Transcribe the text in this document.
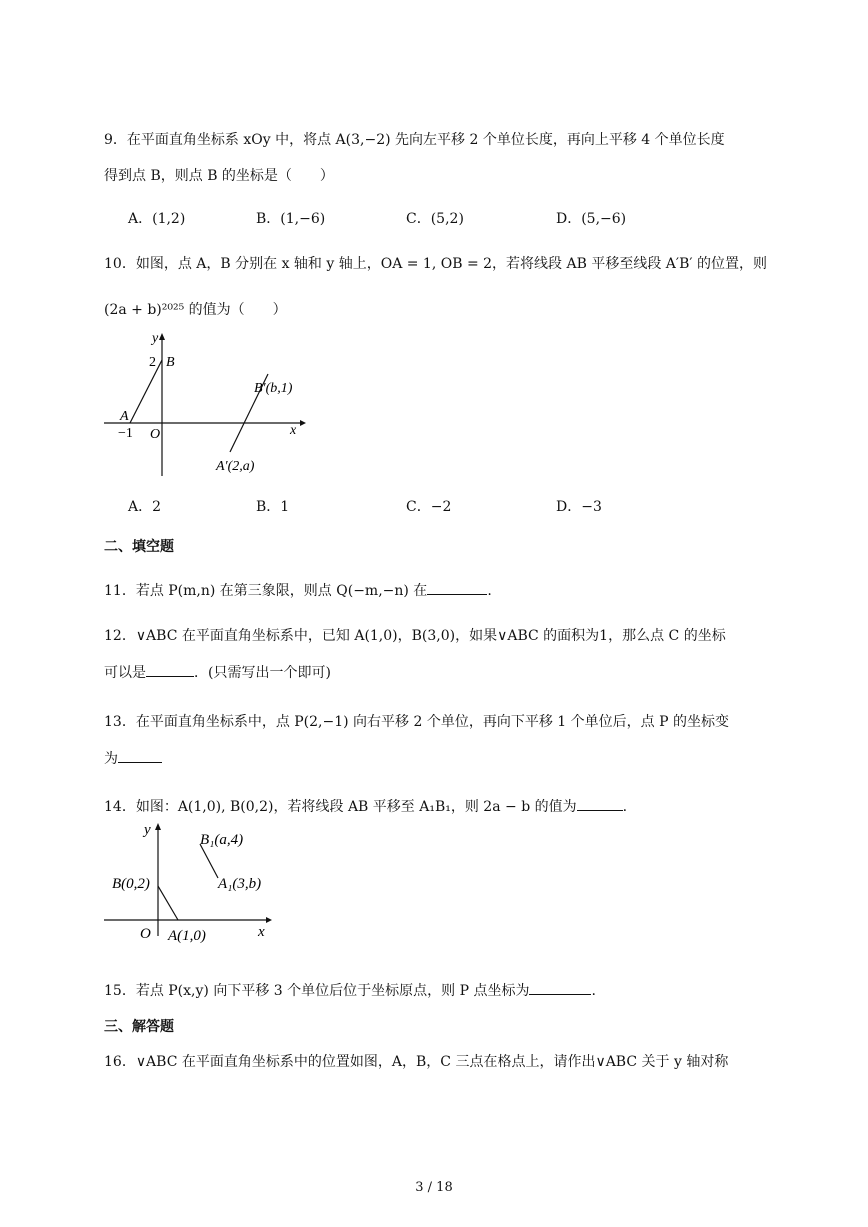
9．在平面直角坐标系 xOy 中，将点 A(3,−2) 先向左平移 2 个单位长度，再向上平移 4 个单位长度
得到点 B，则点 B 的坐标是（　　）
A．(1,2)	B．(1,−6)	C．(5,2)	D．(5,−6)
10．如图，点 A，B 分别在 x 轴和 y 轴上，OA = 1, OB = 2，若将线段 AB 平移至线段 A′B′ 的位置，则
(2a + b)²⁰²⁵ 的值为（　　）
y
x
2 B
A
−1 O
B′(b,1)
A′(2,a)
A．2	B．1	C．−2	D．−3
二、填空题
11．若点 P(m,n) 在第三象限，则点 Q(−m,−n) 在	.
12．∨ABC 在平面直角坐标系中，已知 A(1,0)，B(3,0)，如果∨ABC 的面积为1，那么点 C 的坐标
可以是	．(只需写出一个即可)
13．在平面直角坐标系中，点 P(2,−1) 向右平移 2 个单位，再向下平移 1 个单位后，点 P 的坐标变
为
14．如图：A(1,0), B(0,2)，若将线段 AB 平移至 A₁B₁，则 2a − b 的值为	.
y
x
O
B(0,2)
A(1,0)
B₁(a,4)
A₁(3,b)
15．若点 P(x,y) 向下平移 3 个单位后位于坐标原点，则 P 点坐标为	.
三、解答题
16．∨ABC 在平面直角坐标系中的位置如图，A，B，C 三点在格点上，请作出∨ABC 关于 y 轴对称
3 / 18
